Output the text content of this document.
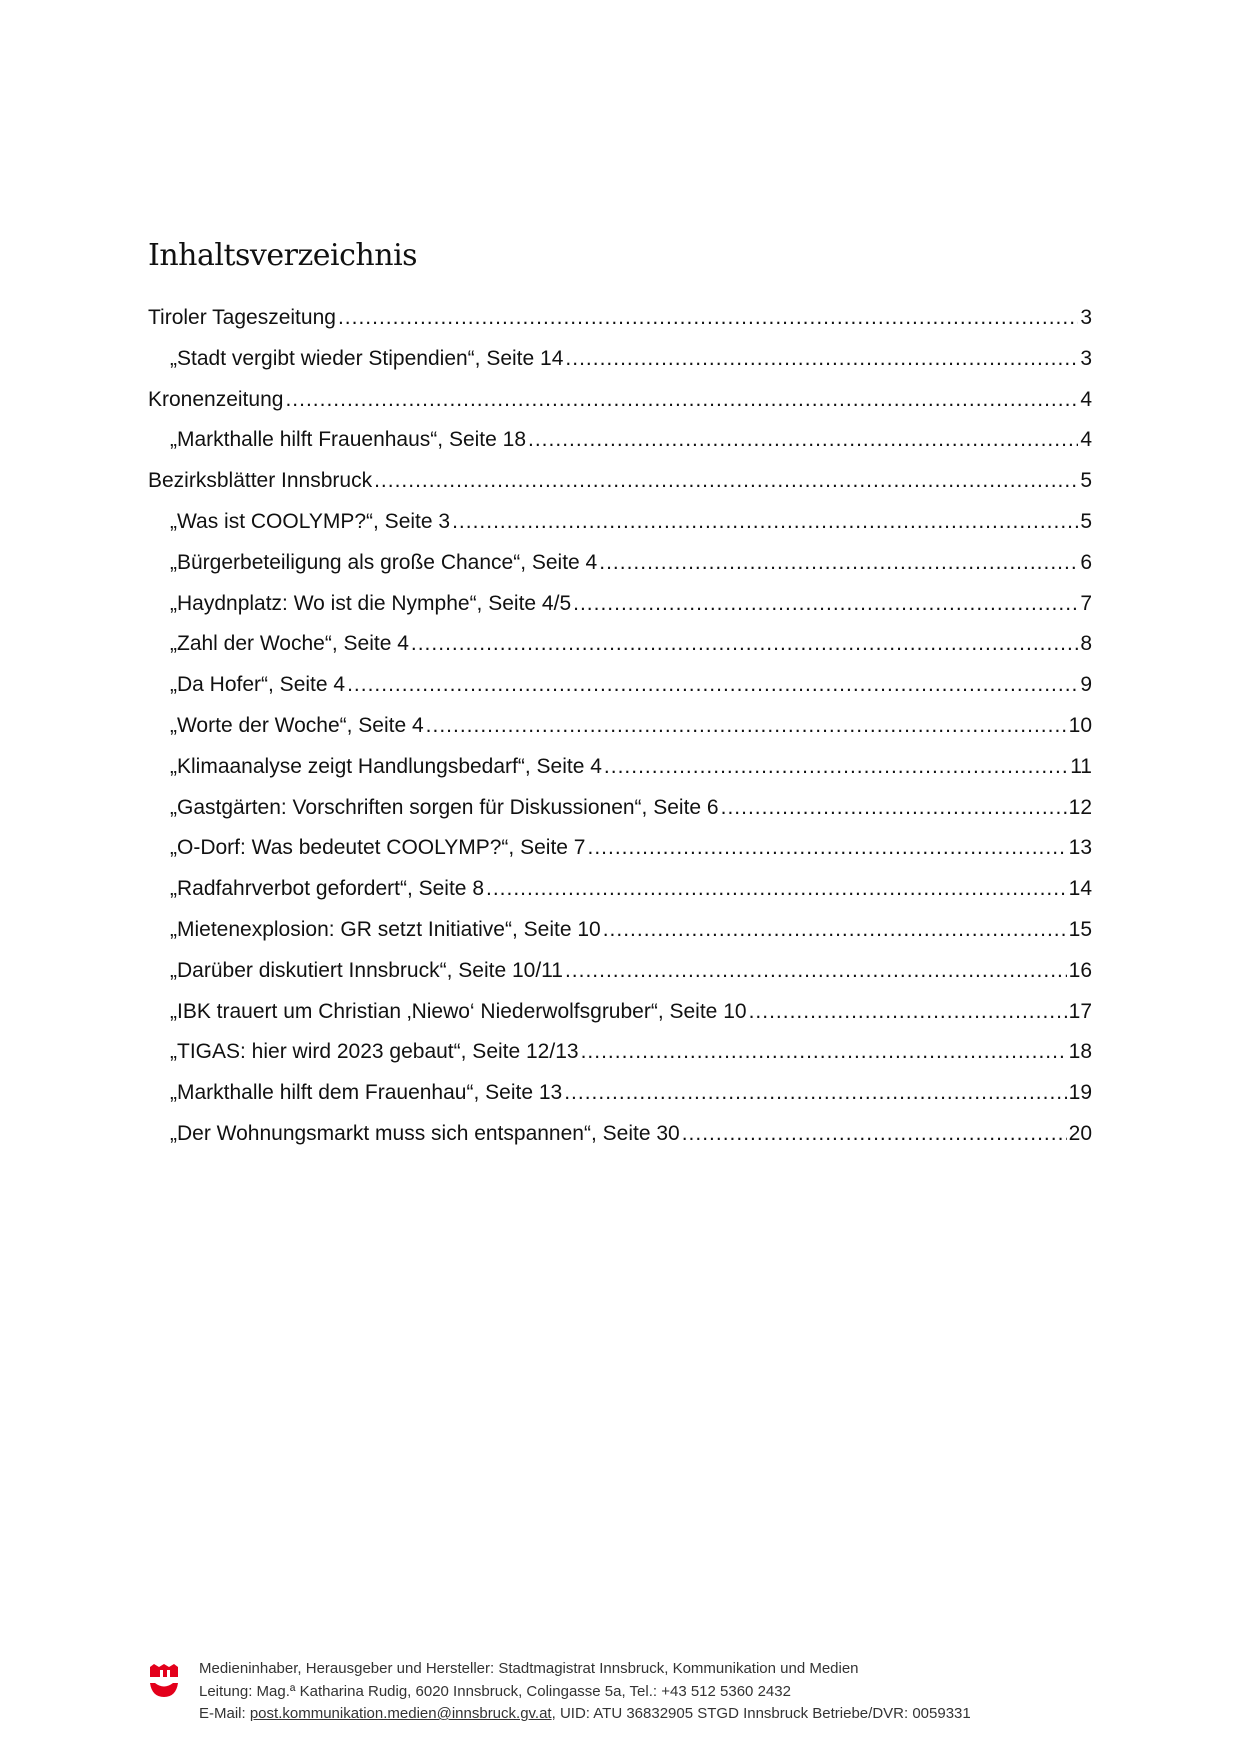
Inhaltsverzeichnis
Tiroler Tageszeitung .....	3
„Stadt vergibt wieder Stipendien“, Seite 14 .....	3
Kronenzeitung .....	4
„Markthalle hilft Frauenhaus“, Seite 18 .....	4
Bezirksblätter Innsbruck .....	5
„Was ist COOLYMP?“, Seite 3 .....	5
„Bürgerbeteiligung als große Chance“, Seite 4 .....	6
„Haydnplatz: Wo ist die Nymphe“, Seite 4/5 .....	7
„Zahl der Woche“, Seite 4 .....	8
„Da Hofer“, Seite 4 .....	9
„Worte der Woche“, Seite 4 .....	10
„Klimaanalyse zeigt Handlungsbedarf“, Seite 4 .....	11
„Gastgärten: Vorschriften sorgen für Diskussionen“, Seite 6 .....	12
„O-Dorf: Was bedeutet COOLYMP?“, Seite 7 .....	13
„Radfahrverbot gefordert“, Seite 8 .....	14
„Mietenexplosion: GR setzt Initiative“, Seite 10 .....	15
„Darüber diskutiert Innsbruck“, Seite 10/11 .....	16
„IBK trauert um Christian ‚Niewo‘ Niederwolfsgruber“, Seite 10 .....	17
„TIGAS: hier wird 2023 gebaut“, Seite 12/13 .....	18
„Markthalle hilft dem Frauenhau“, Seite 13 .....	19
„Der Wohnungsmarkt muss sich entspannen“, Seite 30 .....	20
Medieninhaber, Herausgeber und Hersteller: Stadtmagistrat Innsbruck, Kommunikation und Medien
Leitung: Mag.ª Katharina Rudig, 6020 Innsbruck, Colingasse 5a, Tel.: +43 512 5360 2432
E-Mail: post.kommunikation.medien@innsbruck.gv.at, UID: ATU 36832905 STGD Innsbruck Betriebe/DVR: 0059331
